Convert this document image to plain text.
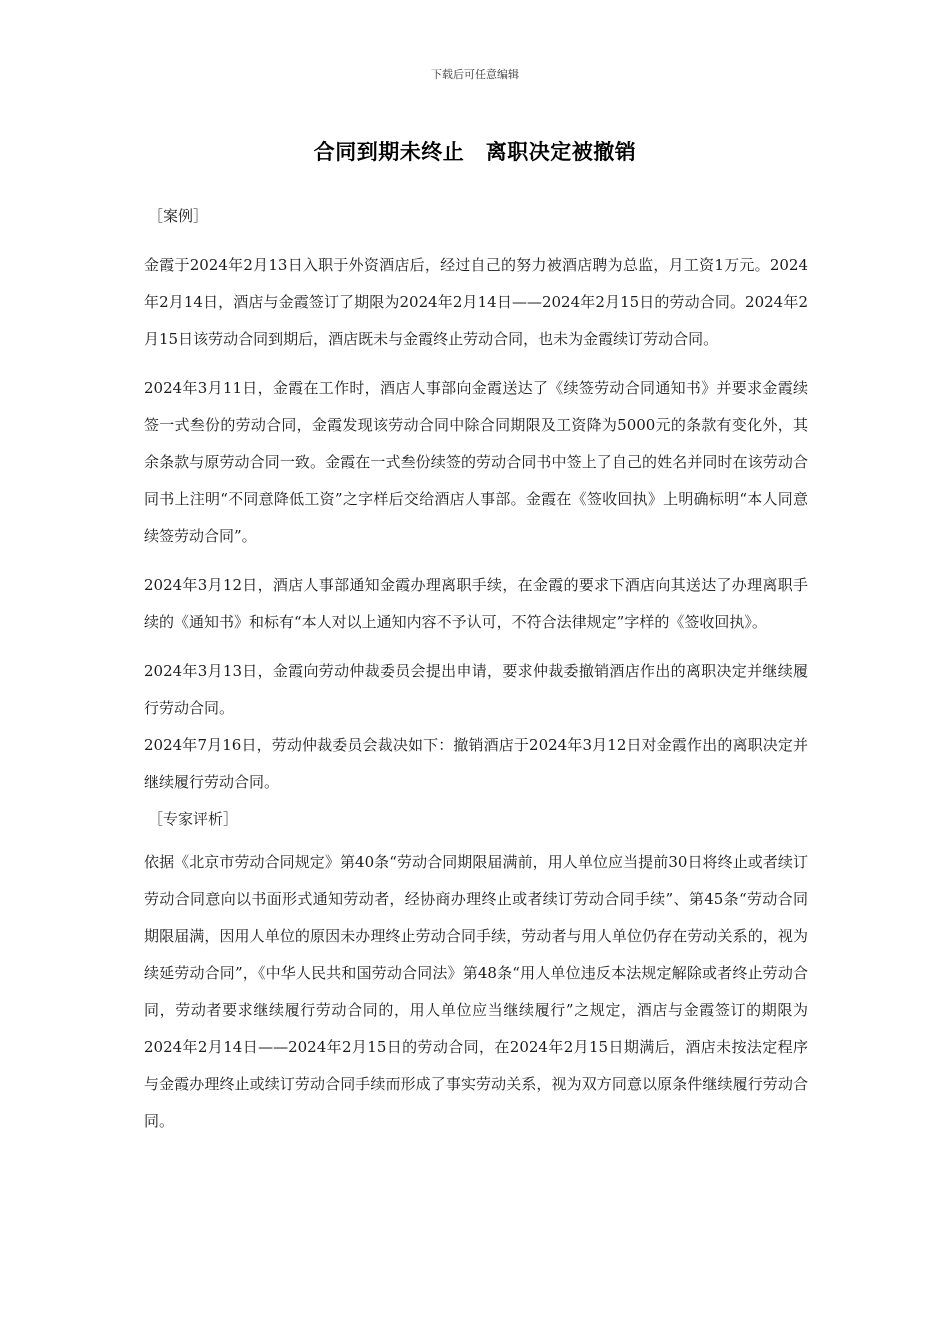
下载后可任意编辑
合同到期未终止　离职决定被撤销

［案例］

金霞于2024年2月13日入职于外资酒店后，经过自己的努力被酒店聘为总监，月工资1万元。2024年2月14日，酒店与金霞签订了期限为2024年2月14日——2024年2月15日的劳动合同。2024年2月15日该劳动合同到期后，酒店既未与金霞终止劳动合同，也未为金霞续订劳动合同。

2024年3月11日，金霞在工作时，酒店人事部向金霞送达了《续签劳动合同通知书》并要求金霞续签一式叁份的劳动合同，金霞发现该劳动合同中除合同期限及工资降为5000元的条款有变化外，其余条款与原劳动合同一致。金霞在一式叁份续签的劳动合同书中签上了自己的姓名并同时在该劳动合同书上注明“不同意降低工资”之字样后交给酒店人事部。金霞在《签收回执》上明确标明“本人同意续签劳动合同”。

2024年3月12日，酒店人事部通知金霞办理离职手续，在金霞的要求下酒店向其送达了办理离职手续的《通知书》和标有“本人对以上通知内容不予认可，不符合法律规定”字样的《签收回执》。

2024年3月13日，金霞向劳动仲裁委员会提出申请，要求仲裁委撤销酒店作出的离职决定并继续履行劳动合同。

2024年7月16日，劳动仲裁委员会裁决如下：撤销酒店于2024年3月12日对金霞作出的离职决定并继续履行劳动合同。

［专家评析］

依据《北京市劳动合同规定》第40条“劳动合同期限届满前，用人单位应当提前30日将终止或者续订劳动合同意向以书面形式通知劳动者，经协商办理终止或者续订劳动合同手续”、第45条“劳动合同期限届满，因用人单位的原因未办理终止劳动合同手续，劳动者与用人单位仍存在劳动关系的，视为续延劳动合同”，《中华人民共和国劳动合同法》第48条“用人单位违反本法规定解除或者终止劳动合同，劳动者要求继续履行劳动合同的，用人单位应当继续履行”之规定，酒店与金霞签订的期限为2024年2月14日——2024年2月15日的劳动合同，在2024年2月15日期满后，酒店未按法定程序与金霞办理终止或续订劳动合同手续而形成了事实劳动关系，视为双方同意以原条件继续履行劳动合同。
